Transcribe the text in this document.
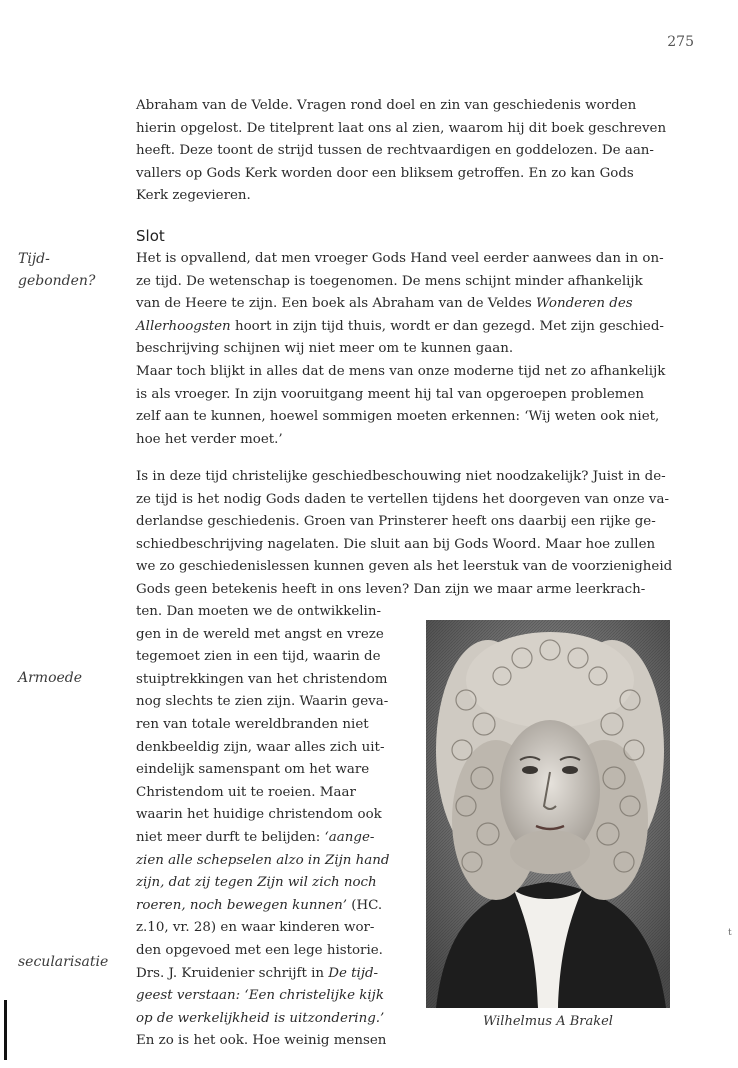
275
Tijd-
gebonden?
Armoede
secularisatie

Abraham van de Velde. Vragen rond doel en zin van geschiedenis worden
hierin opgelost. De titelprent laat ons al zien, waarom hij dit boek geschreven
heeft. Deze toont de strijd tussen de rechtvaardigen en goddelozen. De aan-
vallers op Gods Kerk worden door een bliksem getroffen. En zo kan Gods
Kerk zegevieren.

Slot

Het is opvallend, dat men vroeger Gods Hand veel eerder aanwees dan in on-
ze tijd. De wetenschap is toegenomen. De mens schijnt minder afhankelijk
van de Heere te zijn. Een boek als Abraham van de Veldes Wonderen des
Allerhoogsten hoort in zijn tijd thuis, wordt er dan gezegd. Met zijn geschied-
beschrijving schijnen wij niet meer om te kunnen gaan.
Maar toch blijkt in alles dat de mens van onze moderne tijd net zo afhankelijk
is als vroeger. In zijn vooruitgang meent hij tal van opgeroepen problemen
zelf aan te kunnen, hoewel sommigen moeten erkennen: ‘Wij weten ook niet,
hoe het verder moet.’

Is in deze tijd christelijke geschiedbeschouwing niet noodzakelijk? Juist in de-
ze tijd is het nodig Gods daden te vertellen tijdens het doorgeven van onze va-
derlandse geschiedenis. Groen van Prinsterer heeft ons daarbij een rijke ge-
schiedbeschrijving nagelaten. Die sluit aan bij Gods Woord. Maar hoe zullen
we zo geschiedenislessen kunnen geven als het leerstuk van de voorzienigheid
Gods geen betekenis heeft in ons leven? Dan zijn we maar arme leerkrach-

ten. Dan moeten we de ontwikkelin-
gen in de wereld met angst en vreze
tegemoet zien in een tijd, waarin de
stuiptrekkingen van het christendom
nog slechts te zien zijn. Waarin geva-
ren van totale wereldbranden niet
denkbeeldig zijn, waar alles zich uit-
eindelijk samenspant om het ware
Christendom uit te roeien. Maar
waarin het huidige christendom ook
niet meer durft te belijden: ‘aange-
zien alle schepselen alzo in Zijn hand
zijn, dat zij tegen Zijn wil zich noch
roeren, noch bewegen kunnen’ (HC.
z.10, vr. 28) en waar kinderen wor-
den opgevoed met een lege historie.
Drs. J. Kruidenier schrijft in De tijd-
geest verstaan: ‘Een christelijke kijk
op de werkelijkheid is uitzondering.’
En zo is het ook. Hoe weinig mensen

Wilhelmus A Brakel
t
